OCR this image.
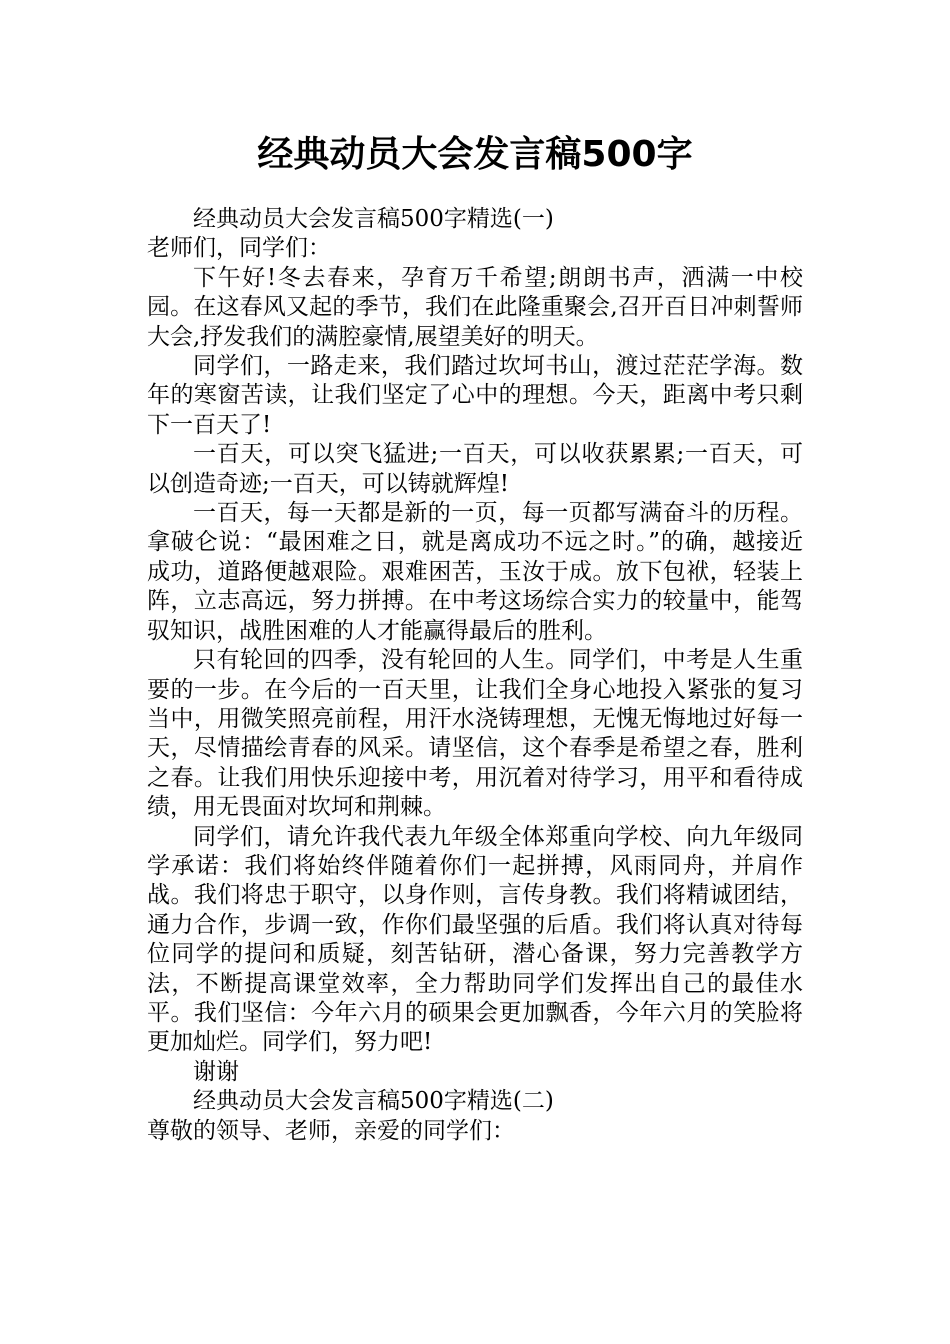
经典动员大会发言稿500字

经典动员大会发言稿500字精选(一)

老师们，同学们：

下午好!冬去春来，孕育万千希望;朗朗书声，洒满一中校园。在这春风又起的季节，我们在此隆重聚会,召开百日冲刺誓师大会,抒发我们的满腔豪情,展望美好的明天。

同学们，一路走来，我们踏过坎坷书山，渡过茫茫学海。数年的寒窗苦读，让我们坚定了心中的理想。今天，距离中考只剩下一百天了!

一百天，可以突飞猛进;一百天，可以收获累累;一百天，可以创造奇迹;一百天，可以铸就辉煌!

一百天，每一天都是新的一页，每一页都写满奋斗的历程。拿破仑说：“最困难之日，就是离成功不远之时。”的确，越接近成功，道路便越艰险。艰难困苦，玉汝于成。放下包袱，轻装上阵，立志高远，努力拼搏。在中考这场综合实力的较量中，能驾驭知识，战胜困难的人才能赢得最后的胜利。

只有轮回的四季，没有轮回的人生。同学们，中考是人生重要的一步。在今后的一百天里，让我们全身心地投入紧张的复习当中，用微笑照亮前程，用汗水浇铸理想，无愧无悔地过好每一天，尽情描绘青春的风采。请坚信，这个春季是希望之春，胜利之春。让我们用快乐迎接中考，用沉着对待学习，用平和看待成绩，用无畏面对坎坷和荆棘。

同学们，请允许我代表九年级全体郑重向学校、向九年级同学承诺：我们将始终伴随着你们一起拼搏，风雨同舟，并肩作战。我们将忠于职守，以身作则，言传身教。我们将精诚团结，通力合作，步调一致，作你们最坚强的后盾。我们将认真对待每位同学的提问和质疑，刻苦钻研，潜心备课，努力完善教学方法，不断提高课堂效率，全力帮助同学们发挥出自己的最佳水平。我们坚信：今年六月的硕果会更加飘香，今年六月的笑脸将更加灿烂。同学们，努力吧!

谢谢

经典动员大会发言稿500字精选(二)

尊敬的领导、老师，亲爱的同学们：
